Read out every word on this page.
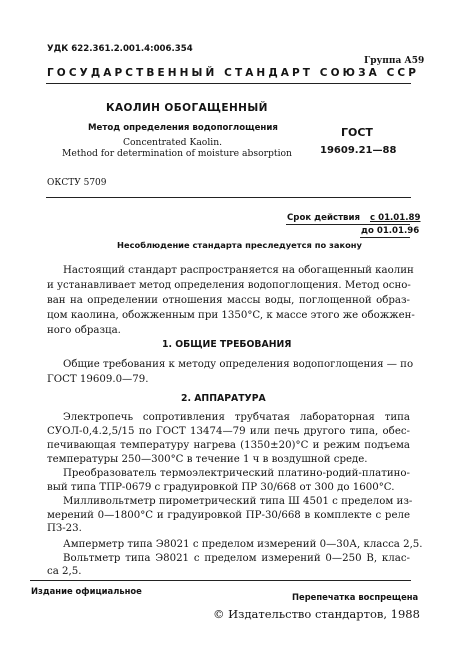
УДК 622.361.2.001.4:006.354
Группа А59
ГОСУДАРСТВЕННЫЙ СТАНДАРТ СОЮЗА ССР
КАОЛИН ОБОГАЩЕННЫЙ
Метод определения водопоглощения
Concentrated Kaolin.
Method for determination of moisture absorption
ГОСТ
19609.21—88
ОКСТУ 5709
Срок действия с 01.01.89
до 01.01.96
Несоблюдение стандарта преследуется по закону
Настоящий стандарт распространяется на обогащенный каолин
и устанавливает метод определения водопоглощения. Метод осно-
ван на определении отношения массы воды, поглощенной образ-
цом каолина, обожженным при 1350°C, к массе этого же обожжен-
ного образца.
1. ОБЩИЕ ТРЕБОВАНИЯ
Общие требования к методу определения водопоглощения — по
ГОСТ 19609.0—79.
2. АППАРАТУРА
Электропечь сопротивления трубчатая лабораторная типа
СУОЛ-0,4.2,5/15 по ГОСТ 13474—79 или печь другого типа, обес-
печивающая температуру нагрева (1350±20)°C и режим подъема
температуры 250—300°C в течение 1 ч в воздушной среде.
Преобразователь термоэлектрический платино-родий-платино-
вый типа ТПР-0679 с градуировкой ПР 30/668 от 300 до 1600°C.
Милливольтметр пирометрический типа Ш 4501 с пределом из-
мерений 0—1800°C и градуировкой ПР-30/668 в комплекте с реле
ПЗ-23.
Амперметр типа Э8021 с пределом измерений 0—30А, класса 2,5.
Вольтметр типа Э8021 с пределом измерений 0—250 В, клас-
са 2,5.
Издание официальное
Перепечатка воспрещена
© Издательство стандартов, 1988
